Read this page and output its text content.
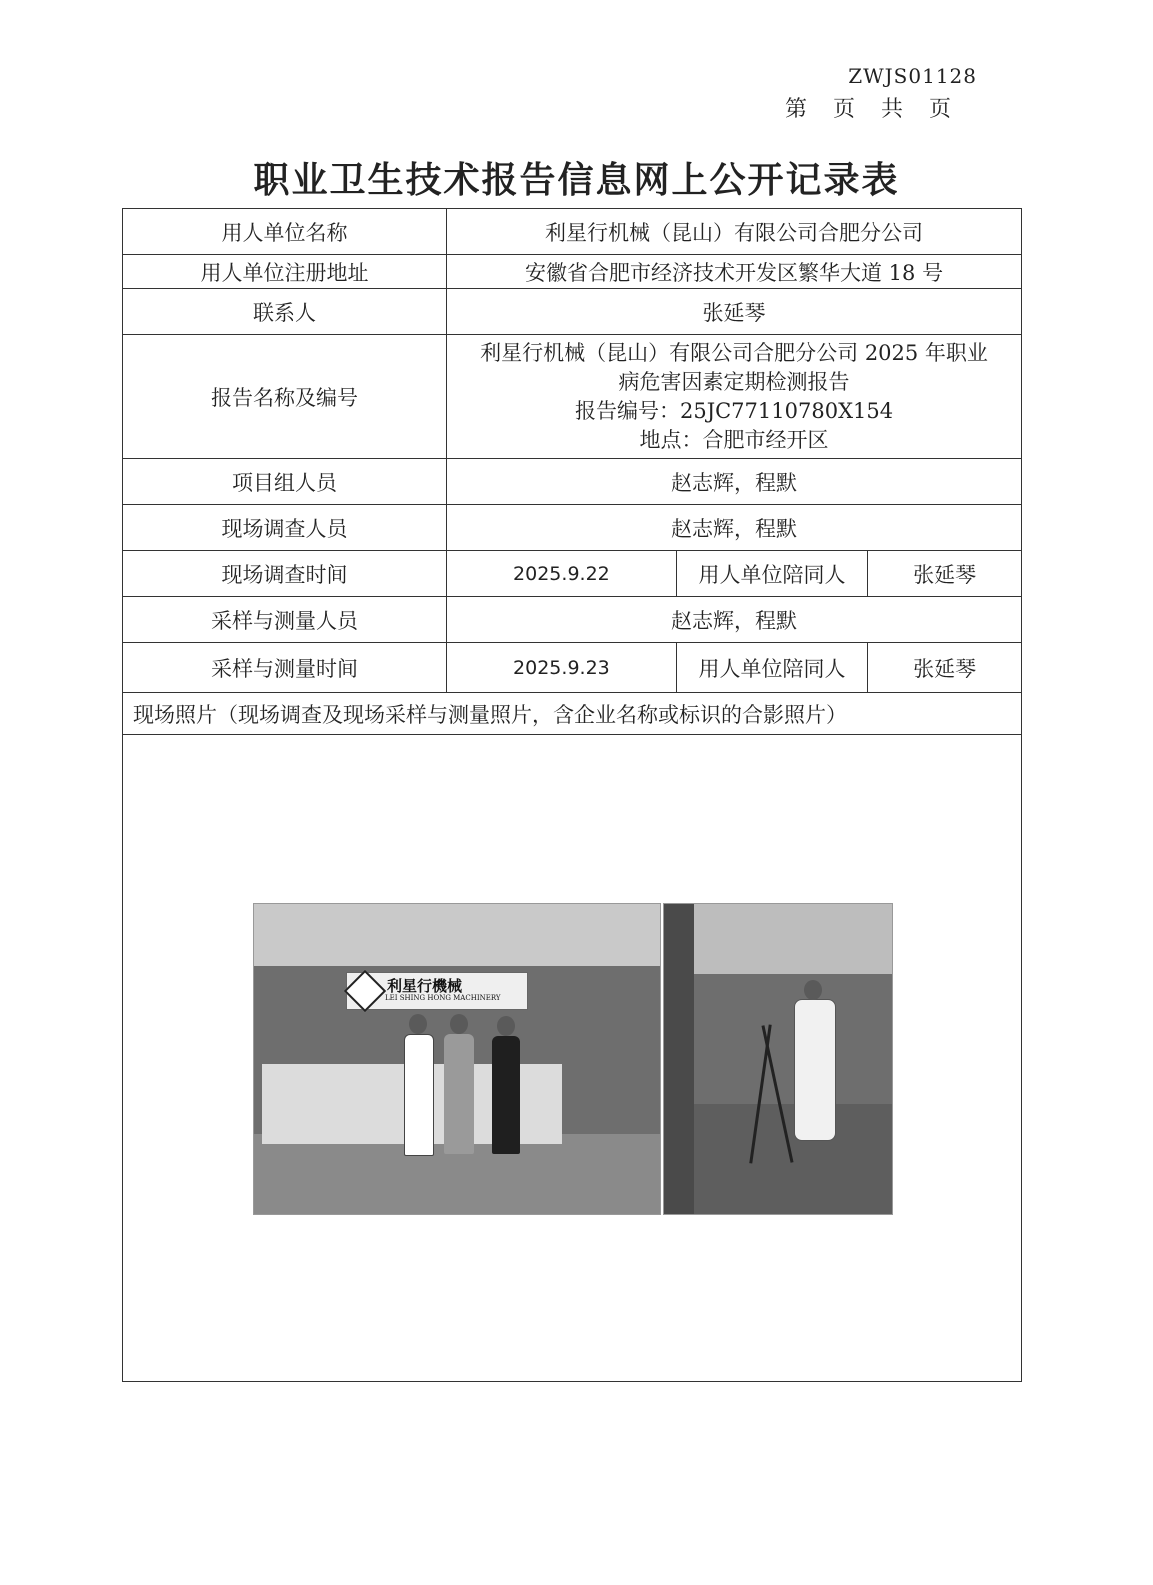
ZWJS01128
第页共页
职业卫生技术报告信息网上公开记录表
用人单位名称	利星行机械（昆山）有限公司合肥分公司		
用人单位注册地址	安徽省合肥市经济技术开发区繁华大道 18 号		
联系人	张延琴		
报告名称及编号	利星行机械（昆山）有限公司合肥分公司 2025 年职业
病危害因素定期检测报告
报告编号：25JC77110780X154
地点：合肥市经开区		

项目组人员	赵志辉，程默		
现场调查人员	赵志辉，程默		
现场调查时间	2025.9.22	用人单位陪同人	张延琴
采样与测量人员	赵志辉，程默		
采样与测量时间	2025.9.23	用人单位陪同人	张延琴
现场照片（现场调查及现场采样与测量照片，含企业名称或标识的合影照片）			

利星行機械
LEI SHING HONG MACHINERY			
